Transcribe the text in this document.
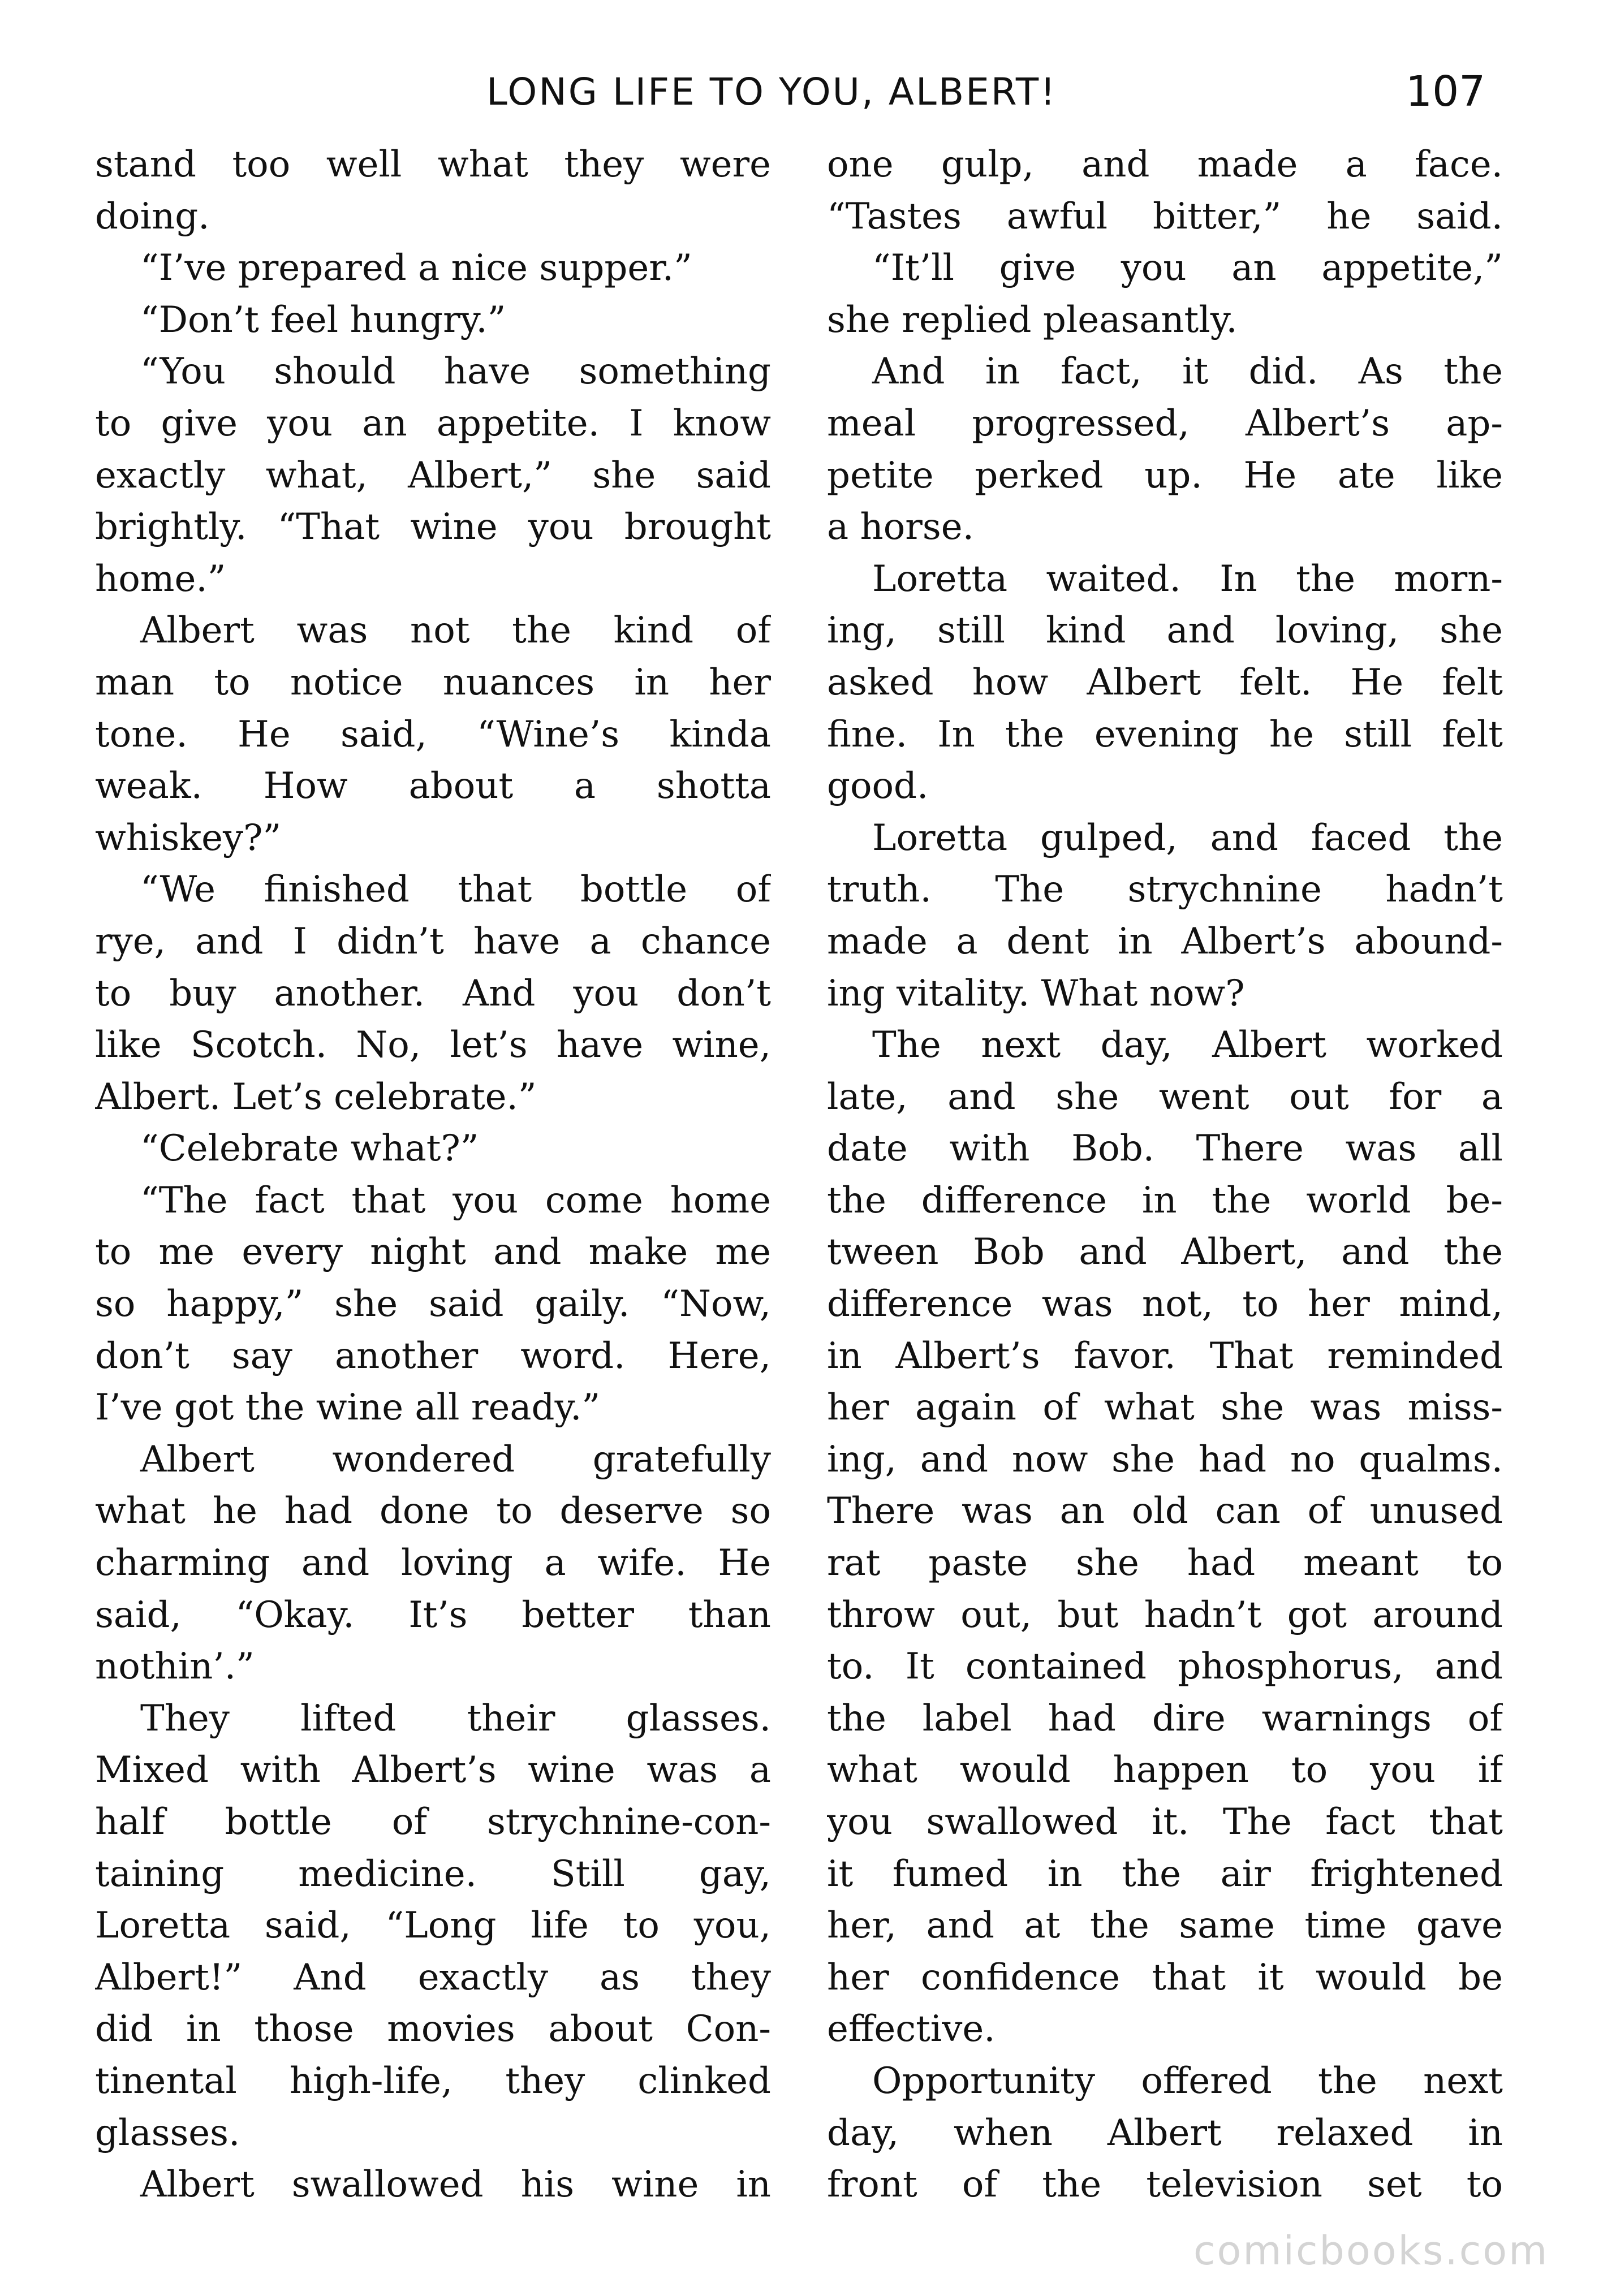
LONG LIFE TO YOU, ALBERT!	107
stand too well what they were
doing.
“I’ve prepared a nice supper.”
“Don’t feel hungry.”
“You should have something
to give you an appetite. I know
exactly what, Albert,” she said
brightly. “That wine you brought
home.”
Albert was not the kind of
man to notice nuances in her
tone. He said, “Wine’s kinda
weak. How about a shotta
whiskey?”
“We finished that bottle of
rye, and I didn’t have a chance
to buy another. And you don’t
like Scotch. No, let’s have wine,
Albert. Let’s celebrate.”
“Celebrate what?”
“The fact that you come home
to me every night and make me
so happy,” she said gaily. “Now,
don’t say another word. Here,
I’ve got the wine all ready.”
Albert wondered gratefully
what he had done to deserve so
charming and loving a wife. He
said, “Okay. It’s better than
nothin’.”
They lifted their glasses.
Mixed with Albert’s wine was a
half bottle of strychnine-con-
taining medicine. Still gay,
Loretta said, “Long life to you,
Albert!” And exactly as they
did in those movies about Con-
tinental high-life, they clinked
glasses.
Albert swallowed his wine in
one gulp, and made a face.
“Tastes awful bitter,” he said.
“It’ll give you an appetite,”
she replied pleasantly.
And in fact, it did. As the
meal progressed, Albert’s ap-
petite perked up. He ate like
a horse.
Loretta waited. In the morn-
ing, still kind and loving, she
asked how Albert felt. He felt
fine. In the evening he still felt
good.
Loretta gulped, and faced the
truth. The strychnine hadn’t
made a dent in Albert’s abound-
ing vitality. What now?
The next day, Albert worked
late, and she went out for a
date with Bob. There was all
the difference in the world be-
tween Bob and Albert, and the
difference was not, to her mind,
in Albert’s favor. That reminded
her again of what she was miss-
ing, and now she had no qualms.
There was an old can of unused
rat paste she had meant to
throw out, but hadn’t got around
to. It contained phosphorus, and
the label had dire warnings of
what would happen to you if
you swallowed it. The fact that
it fumed in the air frightened
her, and at the same time gave
her confidence that it would be
effective.
Opportunity offered the next
day, when Albert relaxed in
front of the television set to
comicbooks.com
